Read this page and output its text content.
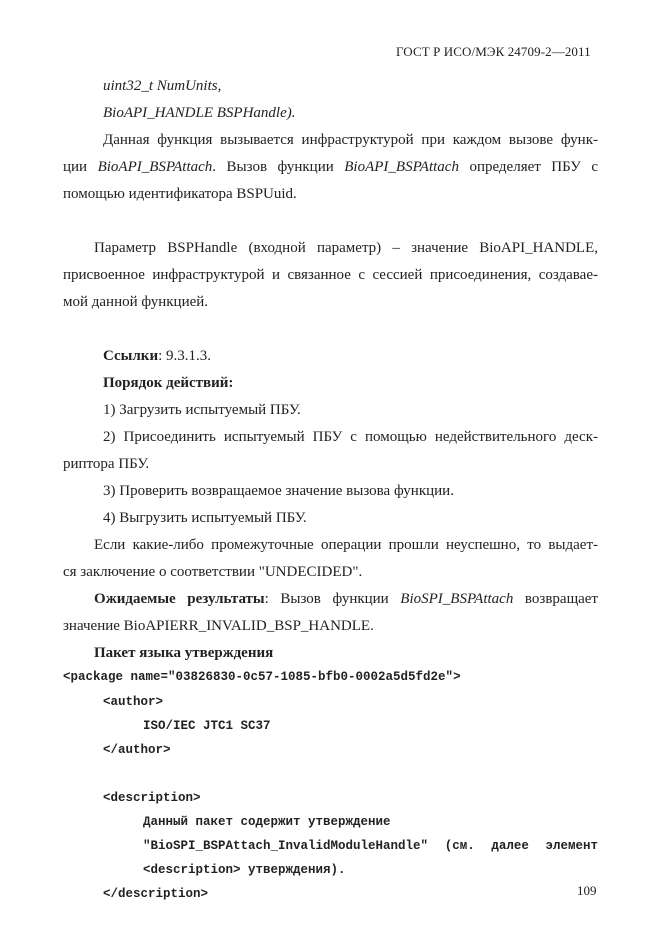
ГОСТ Р ИСО/МЭК 24709-2—2011
uint32_t NumUnits,
BioAPI_HANDLE BSPHandle).
Данная функция вызывается инфраструктурой при каждом вызове функ-
ции BioAPI_BSPAttach. Вызов функции BioAPI_BSPAttach определяет ПБУ с
помощью идентификатора BSPUuid.
Параметр BSPHandle (входной параметр) – значение BioAPI_HANDLE,
присвоенное инфраструктурой и связанное с сессией присоединения, создавае-
мой данной функцией.
Ссылки: 9.3.1.3.
Порядок действий:
1) Загрузить испытуемый ПБУ.
2) Присоединить испытуемый ПБУ с помощью недействительного деск-
риптора ПБУ.
3) Проверить возвращаемое значение вызова функции.
4) Выгрузить испытуемый ПБУ.
Если какие-либо промежуточные операции прошли неуспешно, то выдает-
ся заключение о соответствии "UNDECIDED".
Ожидаемые результаты: Вызов функции BioSPI_BSPAttach возвращает
значение BioAPIERR_INVALID_BSP_HANDLE.
Пакет языка утверждения
<package name="03826830-0c57-1085-bfb0-0002a5d5fd2e">
<author>
ISO/IEC JTC1 SC37
</author>
<description>
Данный пакет содержит утверждение
"BioSPI_BSPAttach_InvalidModuleHandle" (см. далее элемент
<description> утверждения).
</description>	109
